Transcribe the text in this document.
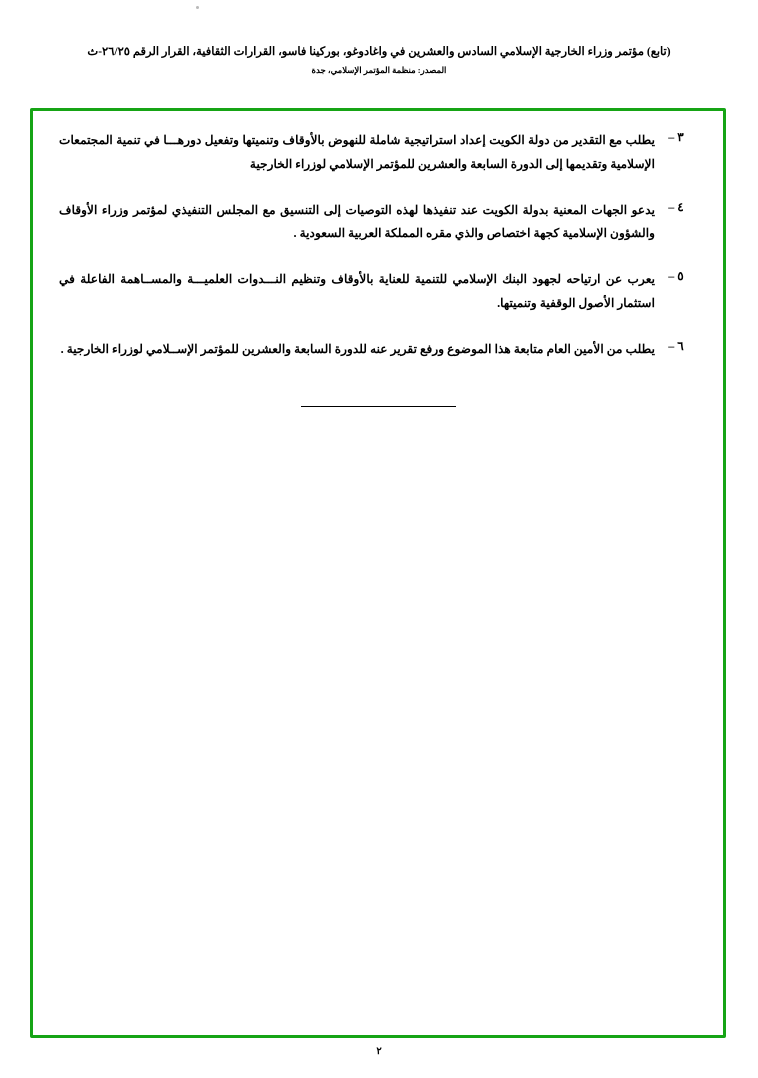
(تابع) مؤتمر وزراء الخارجية الإسلامي السادس والعشرين في واغادوغو، بوركينا فاسو، القرارات الثقافية، القرار الرقم ٢٦/٢٥-ث
المصدر: منظمة المؤتمر الإسلامي، جدة
٣ –
يطلب مع التقدير من دولة الكويت إعداد استراتيجية شاملة للنهوض بالأوقاف وتنميتها وتفعيل دورهـــا في تنمية المجتمعات الإسلامية وتقديمها إلى الدورة السابعة والعشرين للمؤتمر الإسلامي لوزراء الخارجية
٤ –
يدعو الجهات المعنية بدولة الكويت عند تنفيذها لهذه التوصيات إلى التنسيق مع المجلس التنفيذي لمؤتمر وزراء الأوقاف والشؤون الإسلامية كجهة اختصاص والذي مقره المملكة العربية السعودية .
٥ –
يعرب عن ارتياحه لجهود البنك الإسلامي للتنمية للعناية بالأوقاف وتنظيم النـــدوات العلميـــة والمســاهمة الفاعلة في استثمار الأصول الوقفية وتنميتها.
٦ –
يطلب من الأمين العام متابعة هذا الموضوع ورفع تقرير عنه للدورة السابعة والعشرين للمؤتمر الإســلامي لوزراء الخارجية .
٢
